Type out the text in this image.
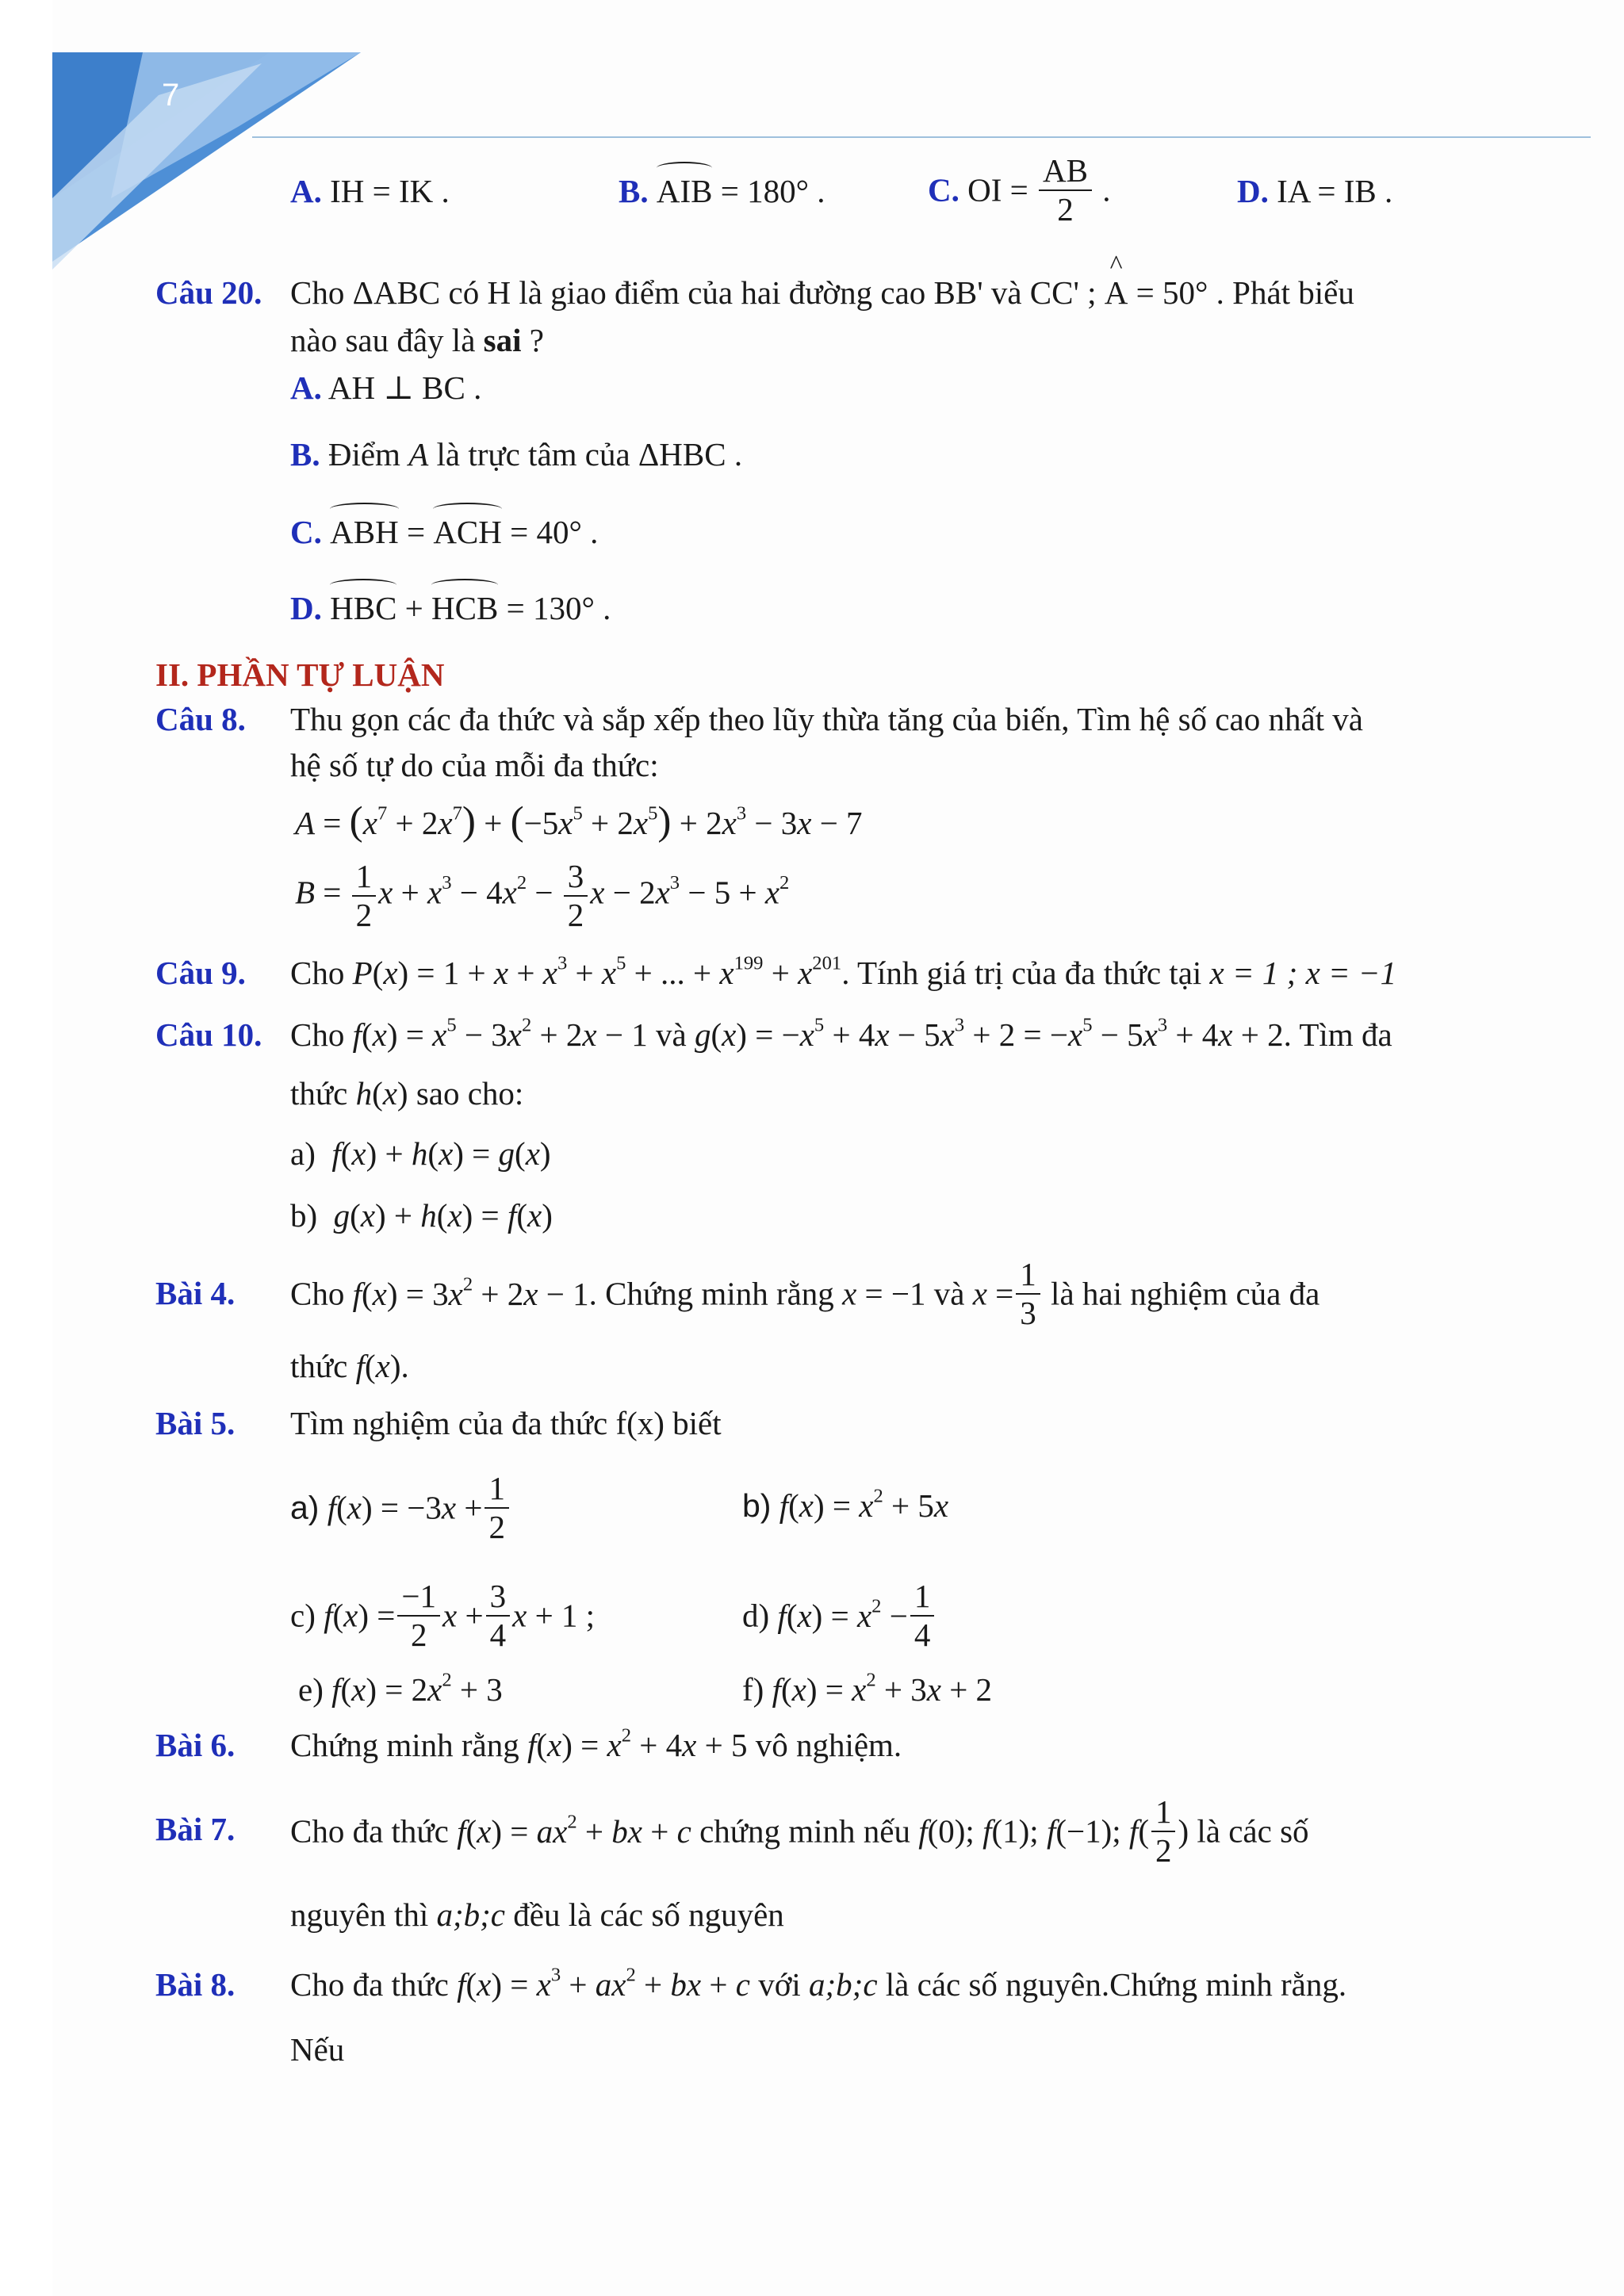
7
A. IH = IK .	B. AIB = 180° .	C. OI = $\frac{AB}{2}$ .	D. IA = IB .
Câu 20. Cho ΔABC có H là giao điểm của hai đường cao BB' và CC' ; ^ A = 50° . Phát biểu
nào sau đây là sai ?
A. AH ⊥ BC .
B. Điểm A là trực tâm của ΔHBC .
C. ABH = ACH = 40° .
D. HBC + HCB = 130° .
II. PHẦN TỰ LUẬN
Câu 8. Thu gọn các đa thức và sắp xếp theo lũy thừa tăng của biến, Tìm hệ số cao nhất và
hệ số tự do của mỗi đa thức:
$A = (x^7 + 2x^7) + (-5x^5 + 2x^5) + 2x^3 - 3x - 7$
$B = \frac{1}{2}$ $x + x^3 - 4x^2 - \frac{3}{2}$ $x - 2x^3 - 5 + x^2$
Câu 9. Cho $P(x) = 1 + x + x^3 + x^5$ + ... + $x^{199} + x^{201}$. Tính giá trị của đa thức tại x = 1 ; x = −1
Câu 10. Cho $f(x) = x^5 - 3x^2 + 2x - 1$ và $g(x) = -x^5 + 4x - 5x^3 + 2 = -x^5 - 5x^3 + 4x + 2$. Tìm đa
thức h(x) sao cho:
a) f(x) + h(x) = g(x)
b) g(x) + h(x) = f(x)
Bài 4. Cho $f(x) = 3x^2 + 2x - 1$. Chứng minh rằng x = −1 và $x = \frac{1}{3}$ là hai nghiệm của đa
thức f(x).
Bài 5. Tìm nghiệm của đa thức f(x) biết
a) $f(x) = -3x + \frac{1}{2}$	b) $f(x) = x^2 + 5x$
c) $f(x) = \frac{-1}{2}$ $x + \frac{3}{4}$ x + 1 ;	d) $f(x) = x^2 - \frac{1}{4}$
e) $f(x) = 2x^2 + 3$	f) $f(x) = x^2 + 3x + 2$
Bài 6. Chứng minh rằng $f(x) = x^2 + 4x + 5$ vô nghiệm.
Bài 7. Cho đa thức $f(x) = ax^2$ + bx + c chứng minh nếu f(0); f(1); f(−1); $f( \frac{1}{2}$ ) là các số
nguyên thì a;b;c đều là các số nguyên
Bài 8. Cho đa thức $f(x) = x^3 + ax^2$ + bx + c với a;b;c là các số nguyên.Chứng minh rằng.
Nếu
